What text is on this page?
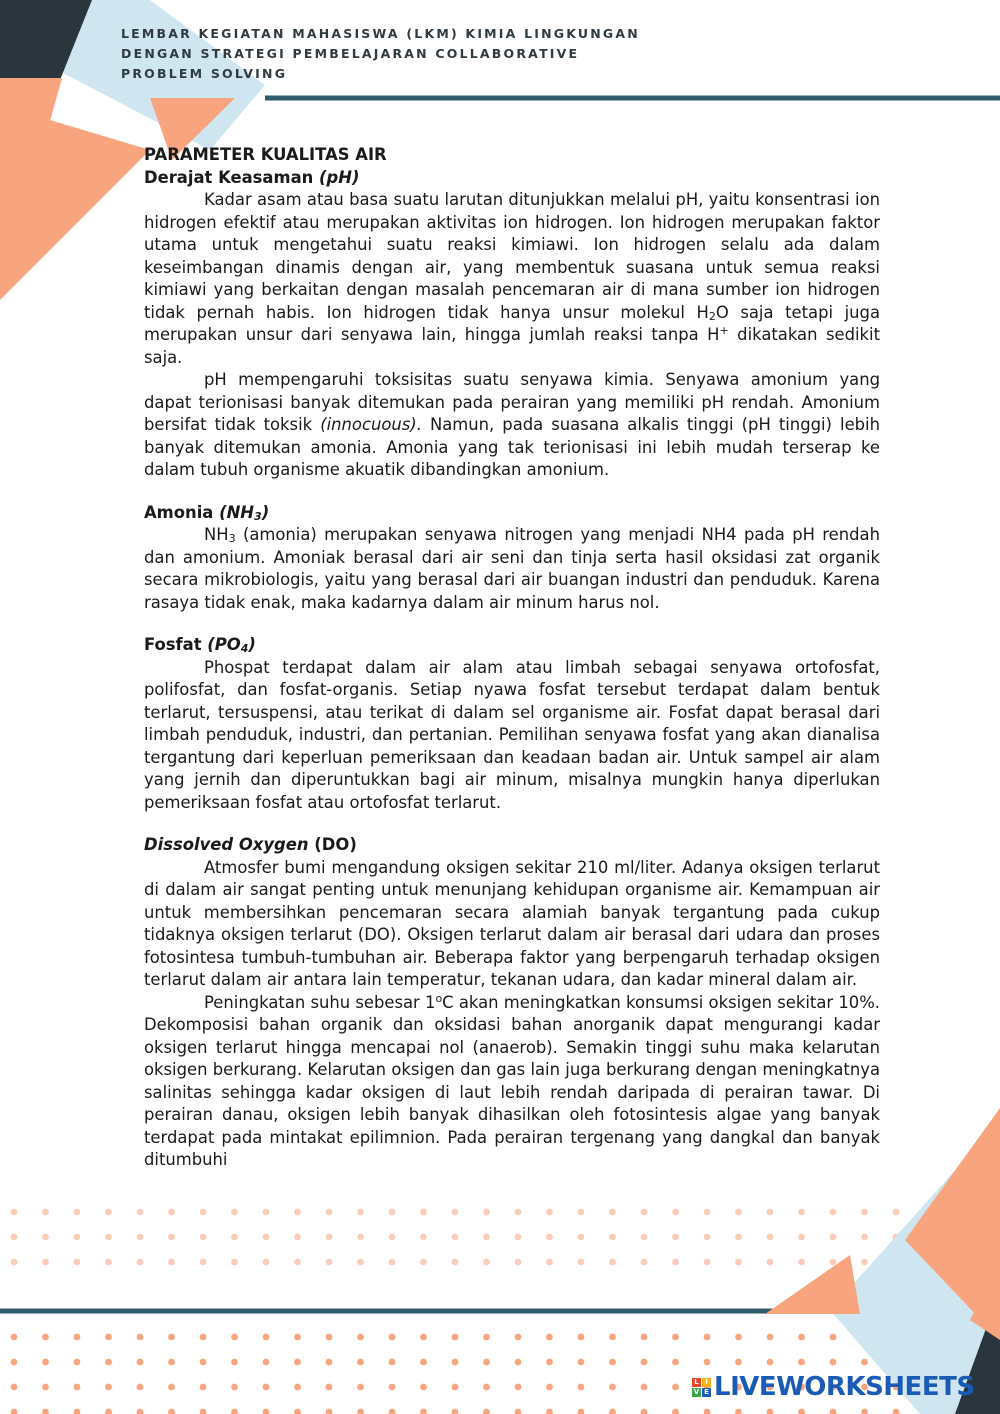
LEMBAR KEGIATAN MAHASISWA (LKM) KIMIA LINGKUNGAN
DENGAN STRATEGI PEMBELAJARAN COLLABORATIVE
PROBLEM SOLVING
PARAMETER KUALITAS AIR
Derajat Keasaman (pH)

Kadar asam atau basa suatu larutan ditunjukkan melalui pH, yaitu konsentrasi ion hidrogen efektif atau merupakan aktivitas ion hidrogen. Ion hidrogen merupakan faktor utama untuk mengetahui suatu reaksi kimiawi. Ion hidrogen selalu ada dalam keseimbangan dinamis dengan air, yang membentuk suasana untuk semua reaksi kimiawi yang berkaitan dengan masalah pencemaran air di mana sumber ion hidrogen tidak pernah habis. Ion hidrogen tidak hanya unsur molekul $H_2O$ saja tetapi juga merupakan unsur dari senyawa lain, hingga jumlah reaksi tanpa H+ dikatakan sedikit saja.

pH mempengaruhi toksisitas suatu senyawa kimia. Senyawa amonium yang dapat terionisasi banyak ditemukan pada perairan yang memiliki pH rendah. Amonium bersifat tidak toksik (innocuous). Namun, pada suasana alkalis tinggi (pH tinggi) lebih banyak ditemukan amonia. Amonia yang tak terionisasi ini lebih mudah terserap ke dalam tubuh organisme akuatik dibandingkan amonium.

Amonia $(NH_3)$

$NH_3$ (amonia) merupakan senyawa nitrogen yang menjadi NH4 pada pH rendah dan amonium. Amoniak berasal dari air seni dan tinja serta hasil oksidasi zat organik secara mikrobiologis, yaitu yang berasal dari air buangan industri dan penduduk. Karena rasaya tidak enak, maka kadarnya dalam air minum harus nol.

Fosfat $(PO_4)$

Phospat terdapat dalam air alam atau limbah sebagai senyawa ortofosfat, polifosfat, dan fosfat-organis. Setiap nyawa fosfat tersebut terdapat dalam bentuk terlarut, tersuspensi, atau terikat di dalam sel organisme air. Fosfat dapat berasal dari limbah penduduk, industri, dan pertanian. Pemilihan senyawa fosfat yang akan dianalisa tergantung dari keperluan pemeriksaan dan keadaan badan air. Untuk sampel air alam yang jernih dan diperuntukkan bagi air minum, misalnya mungkin hanya diperlukan pemeriksaan fosfat atau ortofosfat terlarut.

Dissolved Oxygen (DO)

Atmosfer bumi mengandung oksigen sekitar 210 ml/liter. Adanya oksigen terlarut di dalam air sangat penting untuk menunjang kehidupan organisme air. Kemampuan air untuk membersihkan pencemaran secara alamiah banyak tergantung pada cukup tidaknya oksigen terlarut (DO). Oksigen terlarut dalam air berasal dari udara dan proses fotosintesa tumbuh-tumbuhan air. Beberapa faktor yang berpengaruh terhadap oksigen terlarut dalam air antara lain temperatur, tekanan udara, dan kadar mineral dalam air.

Peningkatan suhu sebesar 1$^o$C akan meningkatkan konsumsi oksigen sekitar 10%. Dekomposisi bahan organik dan oksidasi bahan anorganik dapat mengurangi kadar oksigen terlarut hingga mencapai nol (anaerob). Semakin tinggi suhu maka kelarutan oksigen berkurang. Kelarutan oksigen dan gas lain juga berkurang dengan meningkatnya salinitas sehingga kadar oksigen di laut lebih rendah daripada di perairan tawar. Di perairan danau, oksigen lebih banyak dihasilkan oleh fotosintesis algae yang banyak terdapat pada mintakat epilimnion. Pada perairan tergenang yang dangkal dan banyak ditumbuhi

L I
V E LIVEWORKSHEETS
